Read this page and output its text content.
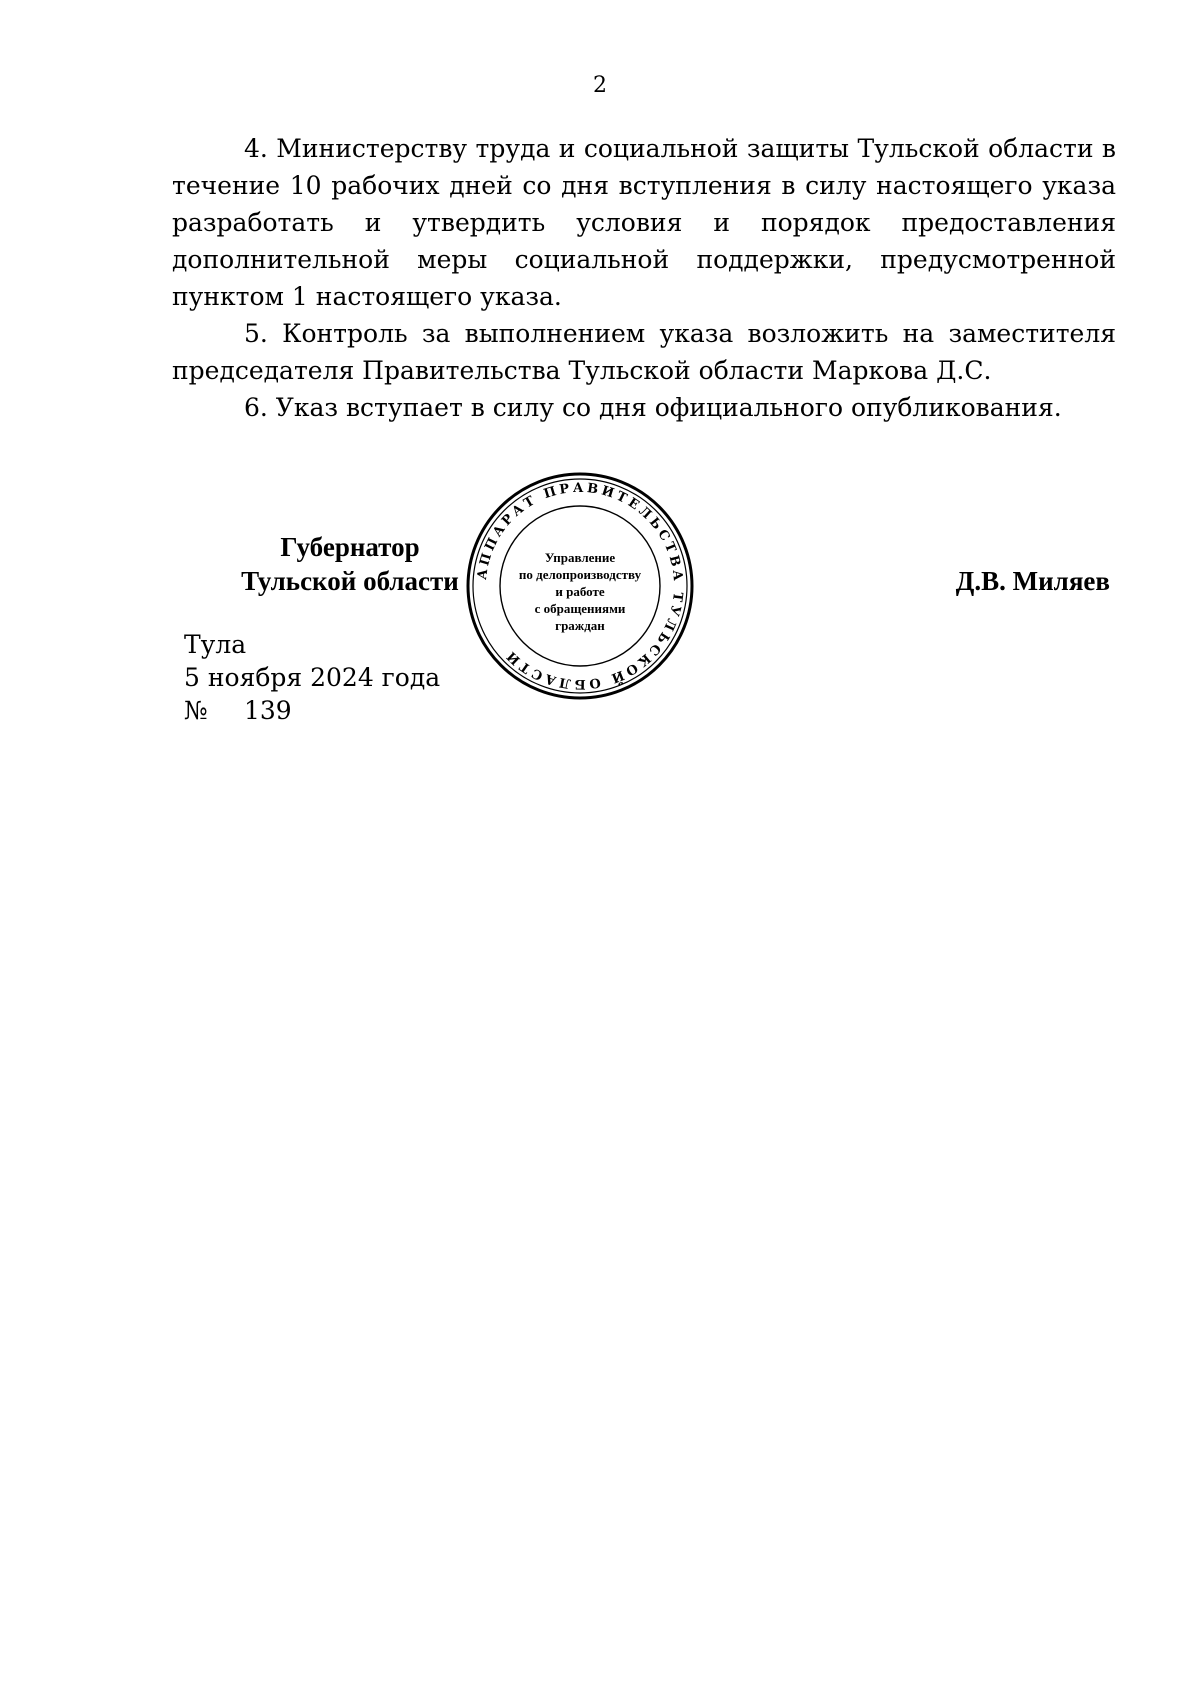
2

4. Министерству труда и социальной защиты Тульской области в течение 10 рабочих дней со дня вступления в силу настоящего указа разработать и утвердить условия и порядок предоставления дополнительной меры социальной поддержки, предусмотренной пунктом 1 настоящего указа.

5. Контроль за выполнением указа возложить на заместителя председателя Правительства Тульской области Маркова Д.С.

6. Указ вступает в силу со дня официального опубликования.

Губернатор
Тульской области	АППАРАТ ПРАВИТЕЛЬСТВА ТУЛЬСКОЙ ОБЛАСТИ
Управление
по делопроизводству
и работе
с обращениями
граждан
Д.В. Миляев
Тула
5 ноября 2024 года
№ 139
